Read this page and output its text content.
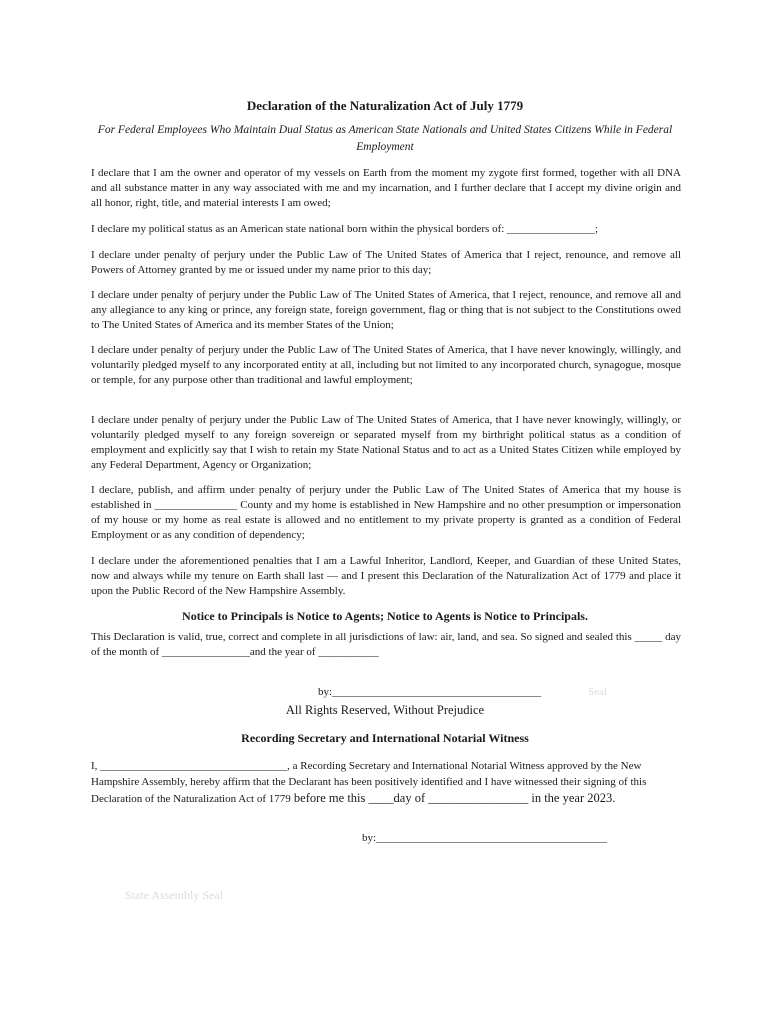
Declaration of the Naturalization Act of July 1779
For Federal Employees Who Maintain Dual Status as American State Nationals and United States Citizens While in Federal Employment
I declare that I am the owner and operator of my vessels on Earth from the moment my zygote first formed, together with all DNA and all substance matter in any way associated with me and my incarnation, and I further declare that I accept my divine origin and all honor, right, title, and material interests I am owed;
I declare my political status as an American state national born within the physical borders of: ________________;
I declare under penalty of perjury under the Public Law of The United States of America that I reject, renounce, and remove all Powers of Attorney granted by me or issued under my name prior to this day;
I declare under penalty of perjury under the Public Law of The United States of America, that I reject, renounce, and remove all and any allegiance to any king or prince, any foreign state, foreign government, flag or thing that is not subject to the Constitutions owed to The United States of America and its member States of the Union;
I declare under penalty of perjury under the Public Law of The United States of America, that I have never knowingly, willingly, and voluntarily pledged myself to any incorporated entity at all, including but not limited to any incorporated church, synagogue, mosque or temple, for any purpose other than traditional and lawful employment;
I declare under penalty of perjury under the Public Law of The United States of America, that I have never knowingly, willingly, or voluntarily pledged myself to any foreign sovereign or separated myself from my birthright political status as a condition of employment and explicitly say that I wish to retain my State National Status and to act as a United States Citizen while employed by any Federal Department, Agency or Organization;
I declare, publish, and affirm under penalty of perjury under the Public Law of The United States of America that my house is established in _______________ County and my home is established in New Hampshire and no other presumption or impersonation of my house or my home as real estate is allowed and no entitlement to my private property is granted as a condition of Federal Employment or as any condition of dependency;
I declare under the aforementioned penalties that I am a Lawful Inheritor, Landlord, Keeper, and Guardian of these United States, now and always while my tenure on Earth shall last — and I present this Declaration of the Naturalization Act of 1779 and place it upon the Public Record of the New Hampshire Assembly.
Notice to Principals is Notice to Agents; Notice to Agents is Notice to Principals.
This Declaration is valid, true, correct and complete in all jurisdictions of law: air, land, and sea. So signed and sealed this _____ day of the month of ________________and the year of ___________
by:______________________________________	Seal
All Rights Reserved, Without Prejudice
Recording Secretary and International Notarial Witness
I, __________________________________, a Recording Secretary and International Notarial Witness approved by the New Hampshire Assembly, hereby affirm that the Declarant has been positively identified and I have witnessed their signing of this Declaration of the Naturalization Act of 1779 before me this ____day of ________________ in the year 2023.
by:__________________________________________
State Assembly Seal
